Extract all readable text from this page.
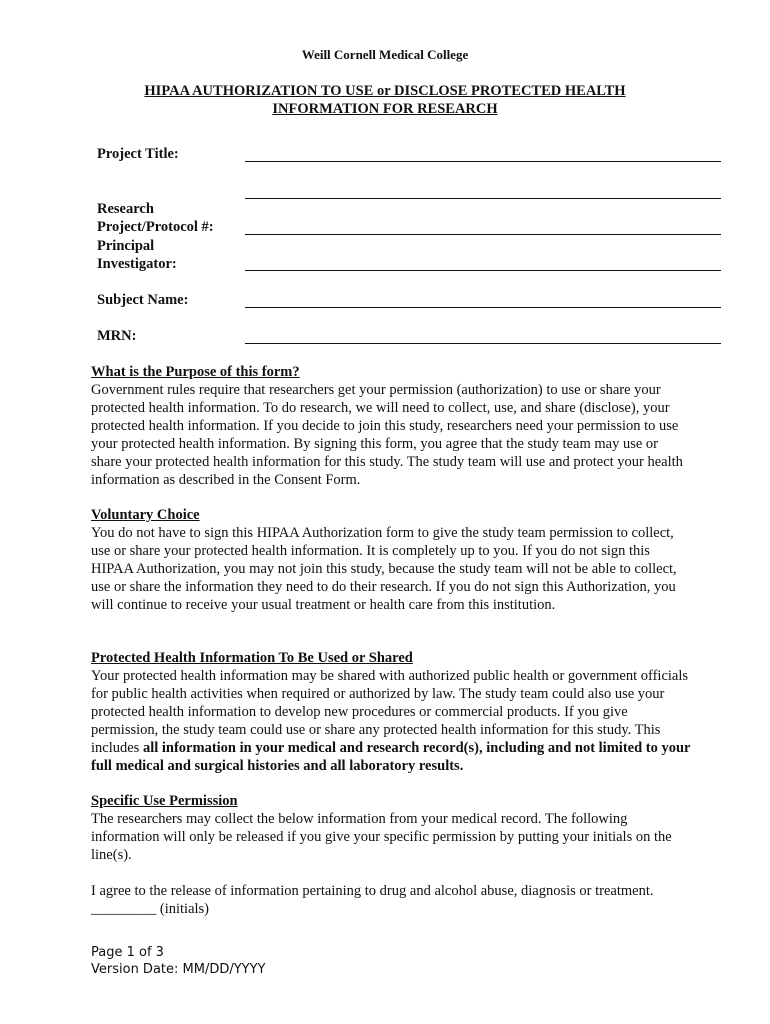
Weill Cornell Medical College
HIPAA AUTHORIZATION TO USE or DISCLOSE PROTECTED HEALTH
INFORMATION FOR RESEARCH
Project Title:
Research
Project/Protocol #:
Principal
Investigator:
Subject Name:
MRN:
What is the Purpose of this form?

Government rules require that researchers get your permission (authorization) to use or share your protected health information. To do research, we will need to collect, use, and share (disclose), your protected health information. If you decide to join this study, researchers need your permission to use your protected health information. By signing this form, you agree that the study team may use or share your protected health information for this study. The study team will use and protect your health information as described in the Consent Form.

Voluntary Choice

You do not have to sign this HIPAA Authorization form to give the study team permission to collect, use or share your protected health information. It is completely up to you. If you do not sign this HIPAA Authorization, you may not join this study, because the study team will not be able to collect, use or share the information they need to do their research. If you do not sign this Authorization, you will continue to receive your usual treatment or health care from this institution.

Protected Health Information To Be Used or Shared

Your protected health information may be shared with authorized public health or government officials for public health activities when required or authorized by law. The study team could also use your protected health information to develop new procedures or commercial products. If you give permission, the study team could use or share any protected health information for this study. This includes all information in your medical and research record(s), including and not limited to your full medical and surgical histories and all laboratory results.

Specific Use Permission

The researchers may collect the below information from your medical record. The following information will only be released if you give your specific permission by putting your initials on the line(s).

I agree to the release of information pertaining to drug and alcohol abuse, diagnosis or treatment.

_________ (initials)

Page 1 of 3
Version Date: MM/DD/YYYY
